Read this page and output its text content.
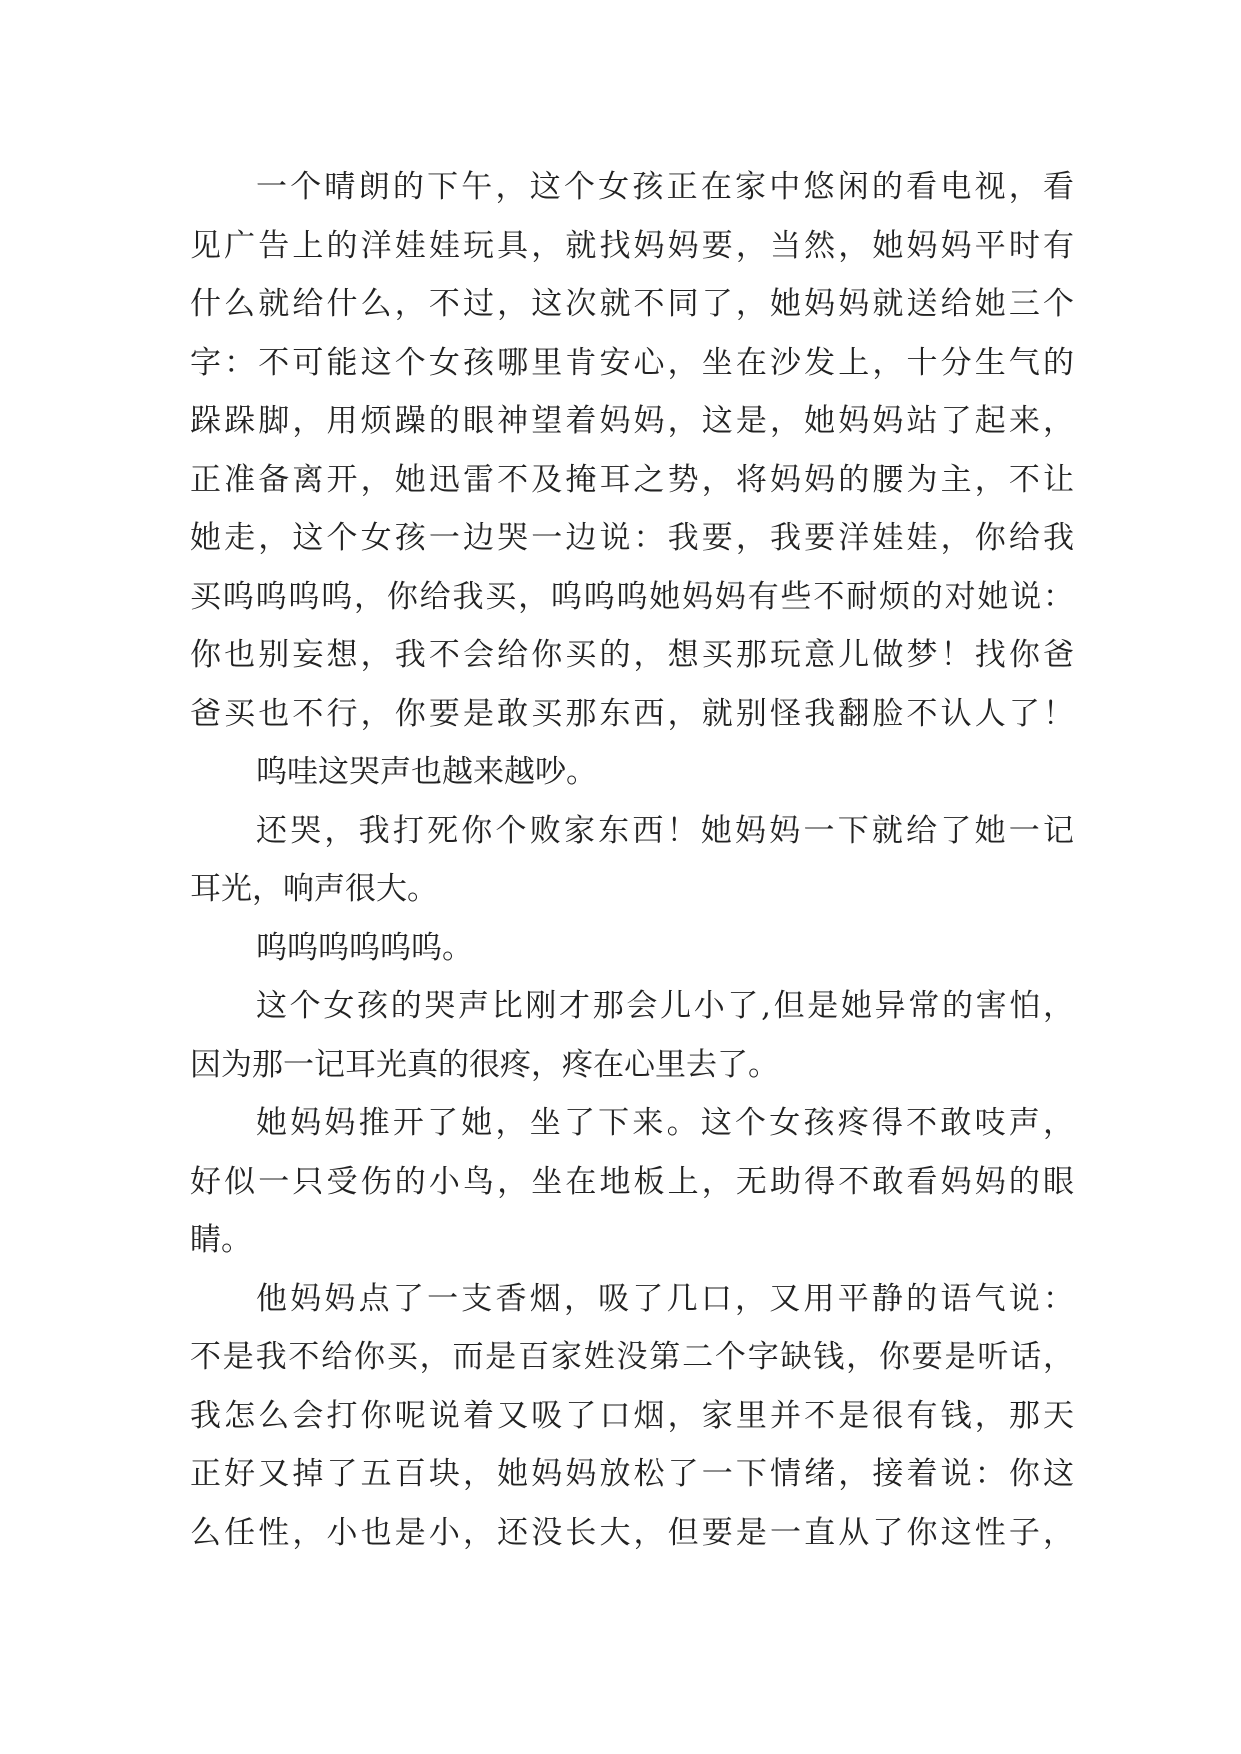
一个晴朗的下午，这个女孩正在家中悠闲的看电视，看
见广告上的洋娃娃玩具，就找妈妈要，当然，她妈妈平时有
什么就给什么，不过，这次就不同了，她妈妈就送给她三个
字：不可能这个女孩哪里肯安心，坐在沙发上，十分生气的
跺跺脚，用烦躁的眼神望着妈妈，这是，她妈妈站了起来，
正准备离开，她迅雷不及掩耳之势，将妈妈的腰为主，不让
她走，这个女孩一边哭一边说：我要，我要洋娃娃，你给我
买呜呜呜呜，你给我买，呜呜呜她妈妈有些不耐烦的对她说：
你也别妄想，我不会给你买的，想买那玩意儿做梦！找你爸
爸买也不行，你要是敢买那东西，就别怪我翻脸不认人了！
呜哇这哭声也越来越吵。
还哭，我打死你个败家东西！她妈妈一下就给了她一记
耳光，响声很大。
呜呜呜呜呜呜。
这个女孩的哭声比刚才那会儿小了,但是她异常的害怕，
因为那一记耳光真的很疼，疼在心里去了。
她妈妈推开了她，坐了下来。这个女孩疼得不敢吱声，
好似一只受伤的小鸟，坐在地板上，无助得不敢看妈妈的眼
睛。
他妈妈点了一支香烟，吸了几口，又用平静的语气说：
不是我不给你买，而是百家姓没第二个字缺钱，你要是听话，
我怎么会打你呢说着又吸了口烟，家里并不是很有钱，那天
正好又掉了五百块，她妈妈放松了一下情绪，接着说：你这
么任性，小也是小，还没长大，但要是一直从了你这性子，
